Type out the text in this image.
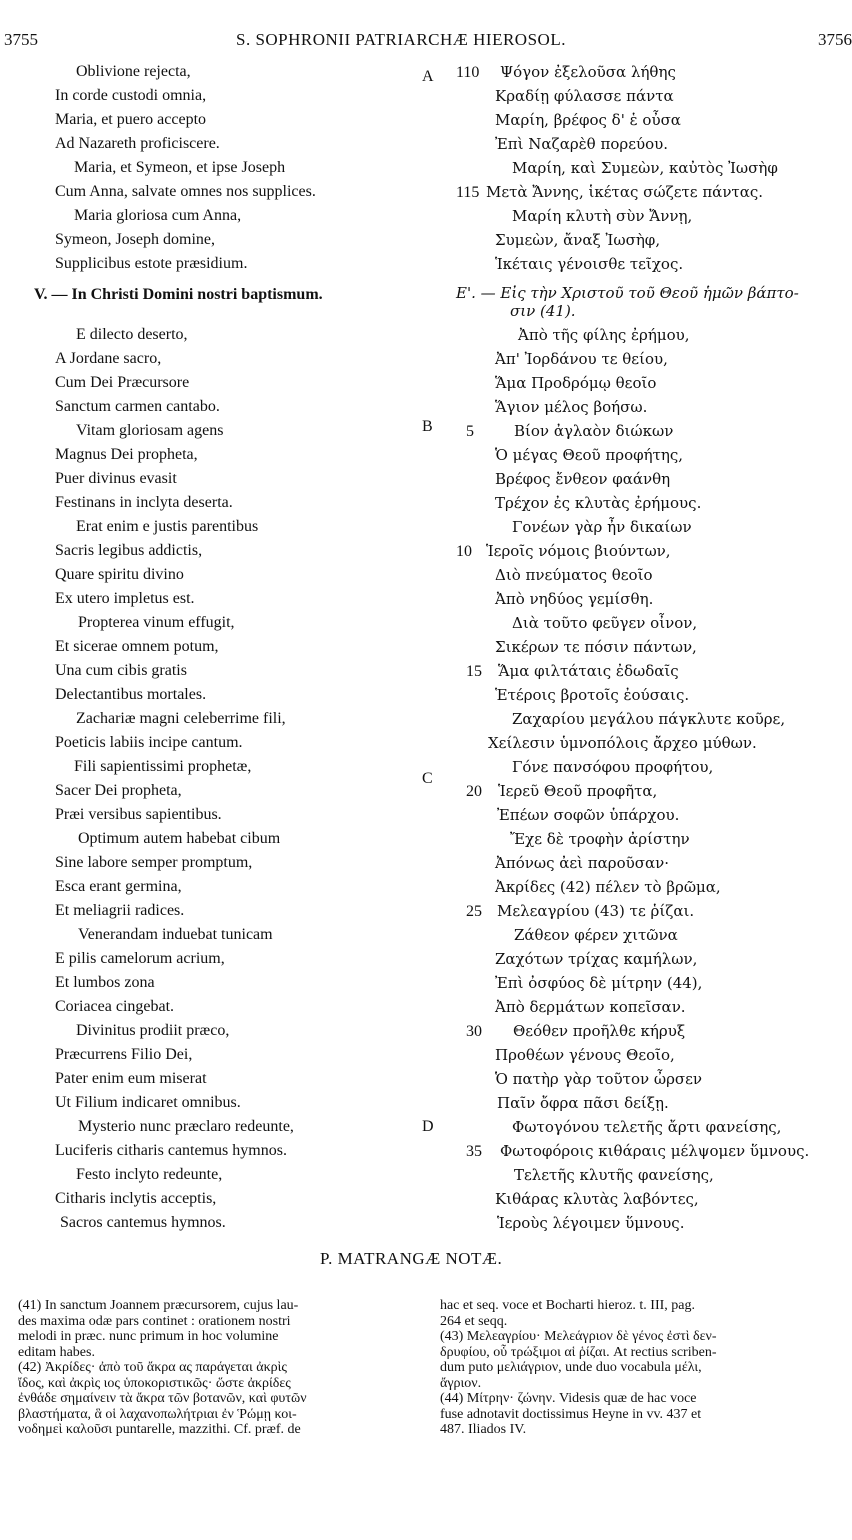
3755	S. SOPHRONII PATRIARCHÆ HIEROSOL.	3756
Oblivione rejecta,
In corde custodi omnia,
Maria, et puero accepto
Ad Nazareth proficiscere.
Maria, et Symeon, et ipse Joseph
Cum Anna, salvate omnes nos supplices.
Maria gloriosa cum Anna,
Symeon, Joseph domine,
Supplicibus estote præsidium.
V. — In Christi Domini nostri baptismum.
E dilecto deserto,
A Jordane sacro,
Cum Dei Præcursore
Sanctum carmen cantabo.
Vitam gloriosam agens
Magnus Dei propheta,
Puer divinus evasit
Festinans in inclyta deserta.
Erat enim e justis parentibus
Sacris legibus addictis,
Quare spiritu divino
Ex utero impletus est.
Propterea vinum effugit,
Et sicerae omnem potum,
Una cum cibis gratis
Delectantibus mortales.
Zachariæ magni celeberrime fili,
Poeticis labiis incipe cantum.
Fili sapientissimi prophetæ,
Sacer Dei propheta,
Præi versibus sapientibus.
Optimum autem habebat cibum
Sine labore semper promptum,
Esca erant germina,
Et meliagrii radices.
Venerandam induebat tunicam
E pilis camelorum acrium,
Et lumbos zona
Coriacea cingebat.
Divinitus prodiit præco,
Præcurrens Filio Dei,
Pater enim eum miserat
Ut Filium indicaret omnibus.
Mysterio nunc præclaro redeunte,
Luciferis citharis cantemus hymnos.
Festo inclyto redeunte,
Citharis inclytis acceptis,
Sacros cantemus hymnos.
Ψόγον ἐξελοῦσα λήθης
Κραδίῃ φύλασσε πάντα
Μαρίη, βρέφος δ' ἑ οὖσα
Ἐπὶ Ναζαρὲθ πορεύου.
Μαρίη, καὶ Συμεὼν, καὐτὸς Ἰωσὴφ
Μετὰ Ἄννης, ἱκέτας σώζετε πάντας.
Μαρίη κλυτὴ σὺν Ἄννῃ,
Συμεὼν, ἄναξ Ἰωσὴφ,
Ἱκέταις γένοισθε τεῖχος.
Ε'. — Εἰς τὴν Χριστοῦ τοῦ Θεοῦ ἡμῶν βάπτο-
σιν (41).
Ἀπὸ τῆς φίλης ἐρήμου,
Ἀπ' Ἰορδάνου τε θείου,
Ἅμα Προδρόμῳ θεοῖο
Ἅγιον μέλος βοήσω.
Βίον ἀγλαὸν διώκων
Ὁ μέγας Θεοῦ προφήτης,
Βρέφος ἔνθεον φαάνθη
Τρέχον ἐς κλυτὰς ἐρήμους.
Γονέων γὰρ ἦν δικαίων
Ἱεροῖς νόμοις βιούντων,
Διὸ πνεύματος θεοῖο
Ἀπὸ νηδύος γεμίσθη.
Διὰ τοῦτο φεῦγεν οἶνον,
Σικέρων τε πόσιν πάντων,
Ἅμα φιλτάταις ἐδωδαῖς
Ἑτέροις βροτοῖς ἐούσαις.
Ζαχαρίου μεγάλου πάγκλυτε κοῦρε,
Χείλεσιν ὑμνοπόλοις ἄρχεο μύθων.
Γόνε πανσόφου προφήτου,
Ἱερεῦ Θεοῦ προφῆτα,
Ἐπέων σοφῶν ὑπάρχου.
Ἔχε δὲ τροφὴν ἀρίστην
Ἀπόνως ἀεὶ παροῦσαν·
Ἀκρίδες (42) πέλεν τὸ βρῶμα,
Μελεαγρίου (43) τε ῥίζαι.
Ζάθεον φέρεν χιτῶνα
Ζαχότων τρίχας καμήλων,
Ἐπὶ ὀσφύος δὲ μίτρην (44),
Ἀπὸ δερμάτων κοπεῖσαν.
Θεόθεν προῆλθε κήρυξ
Προθέων γένους Θεοῖο,
Ὁ πατὴρ γὰρ τοῦτον ὦρσεν
Παῖν ὄφρα πᾶσι δείξῃ.
Φωτογόνου τελετῆς ἄρτι φανείσης,
Φωτοφόροις κιθάραις μέλψομεν ὕμνους.
Τελετῆς κλυτῆς φανείσης,
Κιθάρας κλυτὰς λαβόντες,
Ἱεροὺς λέγοιμεν ὕμνους.
A
B
C
D
110
115
5
10
15
20
25
30
35
P. MATRANGÆ NOTÆ.
(41) In sanctum Joannem præcursorem, cujus lau-
des maxima odæ pars continet : orationem nostri
melodi in præc. nunc primum in hoc volumine
editam habes.
(42) Ἀκρίδες· ἀπὸ τοῦ ἄκρα ας παράγεται ἀκρὶς
ἴδος, καὶ ἀκρὶς ιος ὑποκοριστικῶς· ὥστε ἀκρίδες
ἐνθάδε σημαίνειν τὰ ἄκρα τῶν βοτανῶν, καὶ φυτῶν
βλαστήματα, ἃ οἱ λαχανοπωλήτριαι ἐν Ῥώμῃ κοι-
νοδημεὶ καλοῦσι puntarelle, mazzithi. Cf. præf. de
hac et seq. voce et Bocharti hieroz. t. III, pag.
264 et seqq.
(43) Μελεαγρίου· Μελεάγριον δὲ γένος ἐστὶ δεν-
δρυφίου, οὗ τρώξιμοι αἱ ῥίζαι. At rectius scriben-
dum puto μελιάγριον, unde duo vocabula μέλι,
ἄγριον.
(44) Μίτρην· ζώνην. Videsis quæ de hac voce
fuse adnotavit doctissimus Heyne in vv. 437 et
487. Iliados IV.
